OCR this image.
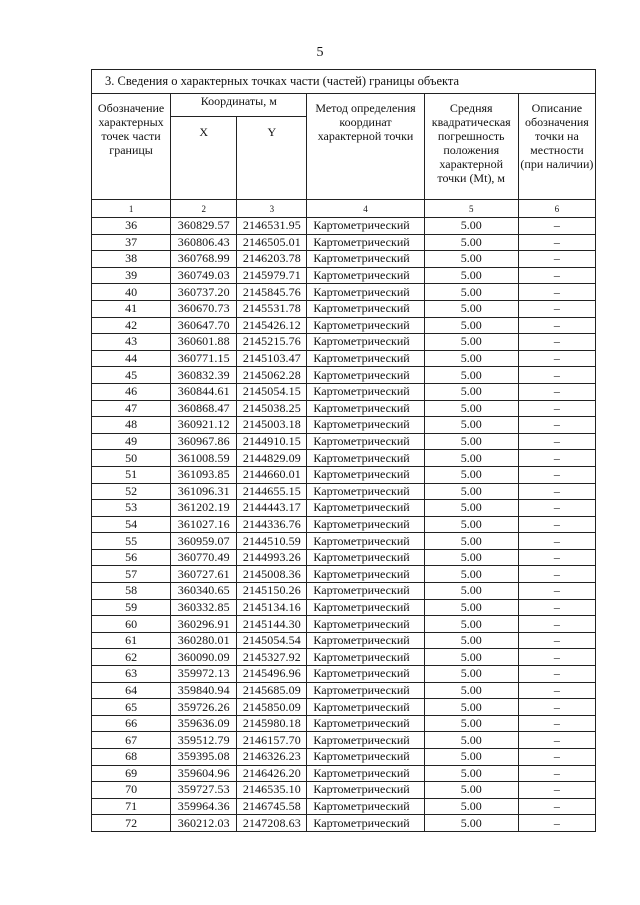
5
3. Сведения о характерных точках части (частей) границы объекта
Обозначение характерных точек части границы	Координаты, м		Метод определения координат характерной точки	Средняя квадратическая погрешность положения характерной точки (Mt), м	Описание обозначения точки на местности (при наличии)
	X	Y			
1	2	3	4	5	6
36	360829.57	2146531.95	Картометрический	5.00	–
37	360806.43	2146505.01	Картометрический	5.00	–
38	360768.99	2146203.78	Картометрический	5.00	–
39	360749.03	2145979.71	Картометрический	5.00	–
40	360737.20	2145845.76	Картометрический	5.00	–
41	360670.73	2145531.78	Картометрический	5.00	–
42	360647.70	2145426.12	Картометрический	5.00	–
43	360601.88	2145215.76	Картометрический	5.00	–
44	360771.15	2145103.47	Картометрический	5.00	–
45	360832.39	2145062.28	Картометрический	5.00	–
46	360844.61	2145054.15	Картометрический	5.00	–
47	360868.47	2145038.25	Картометрический	5.00	–
48	360921.12	2145003.18	Картометрический	5.00	–
49	360967.86	2144910.15	Картометрический	5.00	–
50	361008.59	2144829.09	Картометрический	5.00	–
51	361093.85	2144660.01	Картометрический	5.00	–
52	361096.31	2144655.15	Картометрический	5.00	–
53	361202.19	2144443.17	Картометрический	5.00	–
54	361027.16	2144336.76	Картометрический	5.00	–
55	360959.07	2144510.59	Картометрический	5.00	–
56	360770.49	2144993.26	Картометрический	5.00	–
57	360727.61	2145008.36	Картометрический	5.00	–
58	360340.65	2145150.26	Картометрический	5.00	–
59	360332.85	2145134.16	Картометрический	5.00	–
60	360296.91	2145144.30	Картометрический	5.00	–
61	360280.01	2145054.54	Картометрический	5.00	–
62	360090.09	2145327.92	Картометрический	5.00	–
63	359972.13	2145496.96	Картометрический	5.00	–
64	359840.94	2145685.09	Картометрический	5.00	–
65	359726.26	2145850.09	Картометрический	5.00	–
66	359636.09	2145980.18	Картометрический	5.00	–
67	359512.79	2146157.70	Картометрический	5.00	–
68	359395.08	2146326.23	Картометрический	5.00	–
69	359604.96	2146426.20	Картометрический	5.00	–
70	359727.53	2146535.10	Картометрический	5.00	–
71	359964.36	2146745.58	Картометрический	5.00	–
72	360212.03	2147208.63	Картометрический	5.00	–
